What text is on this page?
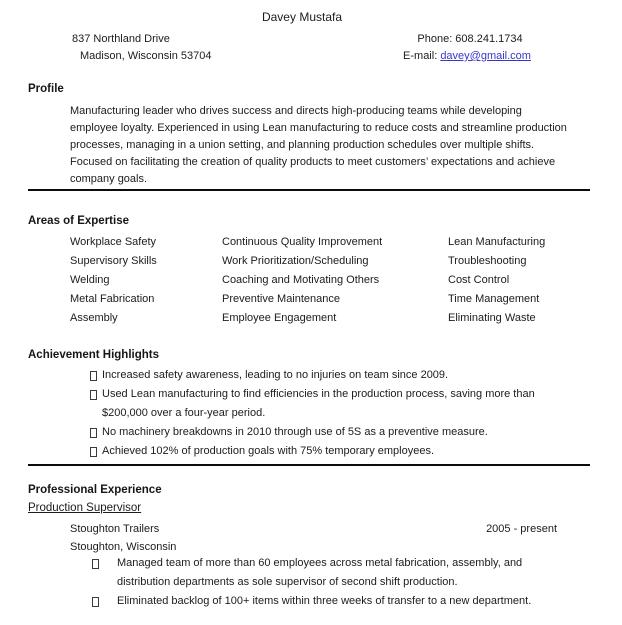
Davey Mustafa
837 Northland Drive
Madison, Wisconsin 53704
Phone: 608.241.1734
E-mail: davey@gmail.com
Profile
Manufacturing leader who drives success and directs high-producing teams while developing employee loyalty. Experienced in using Lean manufacturing to reduce costs and streamline production processes, managing in a union setting, and planning production schedules over multiple shifts. Focused on facilitating the creation of quality products to meet customers’ expectations and achieve company goals.
Areas of Expertise
Workplace Safety
Supervisory Skills
Welding
Metal Fabrication
Assembly
Continuous Quality Improvement
Work Prioritization/Scheduling
Coaching and Motivating Others
Preventive Maintenance
Employee Engagement
Lean Manufacturing
Troubleshooting
Cost Control
Time Management
Eliminating Waste
Achievement Highlights
Increased safety awareness, leading to no injuries on team since 2009.
Used Lean manufacturing to find efficiencies in the production process, saving more than $200,000 over a four-year period.
No machinery breakdowns in 2010 through use of 5S as a preventive measure.
Achieved 102% of production goals with 75% temporary employees.
Professional Experience
Production Supervisor
Stoughton Trailers	2005 - present
Stoughton, Wisconsin
Managed team of more than 60 employees across metal fabrication, assembly, and distribution departments as sole supervisor of second shift production.
Eliminated backlog of 100+ items within three weeks of transfer to a new department.
